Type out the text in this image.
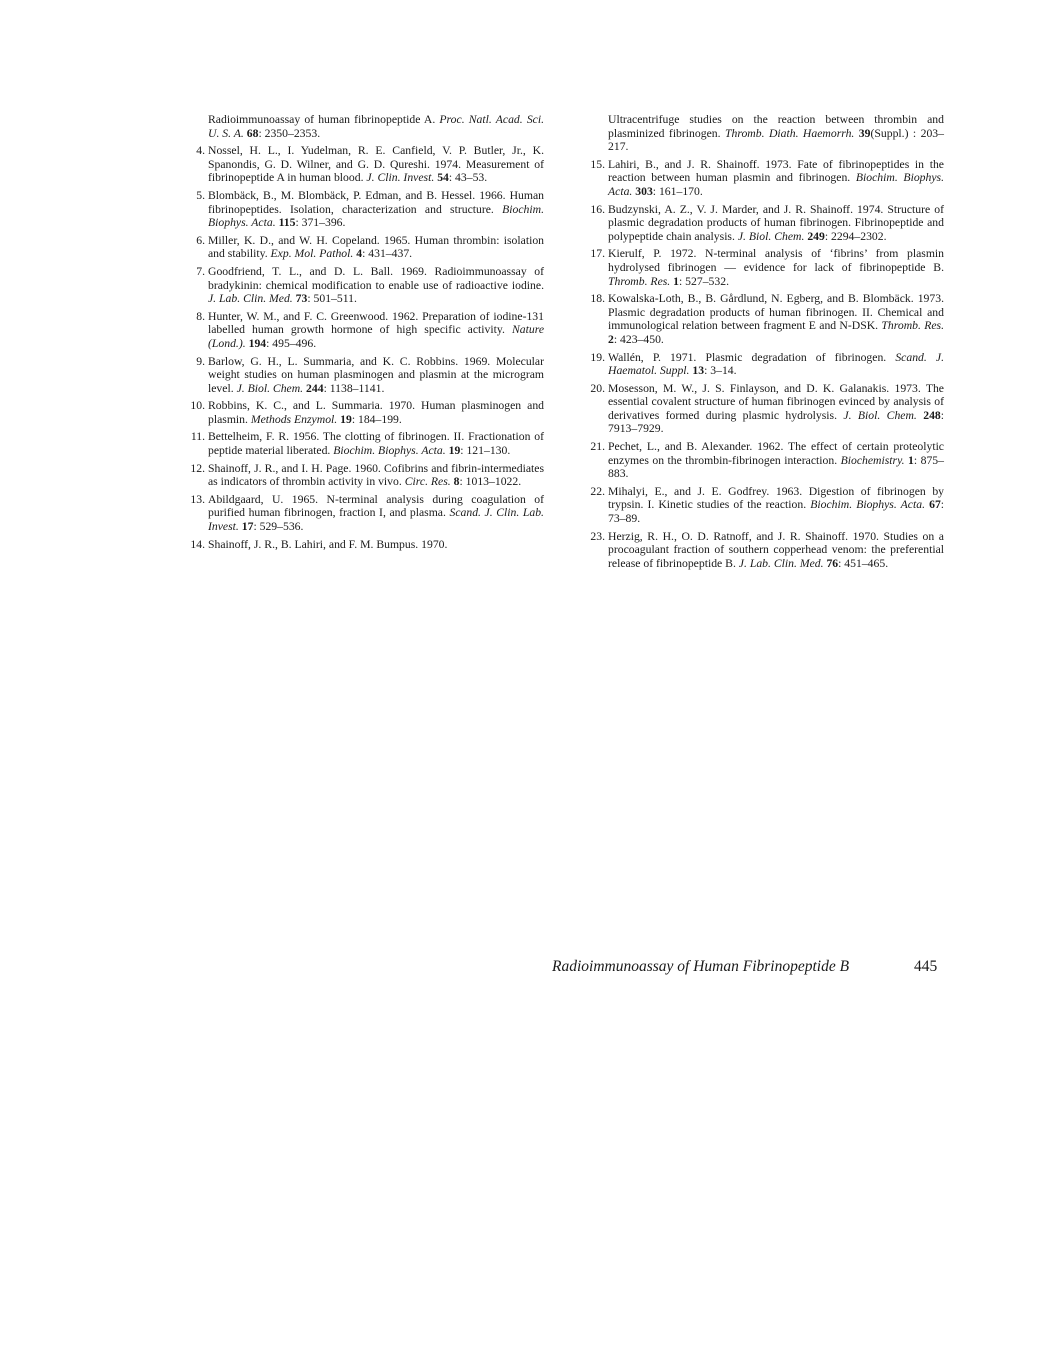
Radioimmunoassay of human fibrinopeptide A. Proc. Natl. Acad. Sci. U. S. A. 68: 2350–2353.
4. Nossel, H. L., I. Yudelman, R. E. Canfield, V. P. Butler, Jr., K. Spanondis, G. D. Wilner, and G. D. Qureshi. 1974. Measurement of fibrinopeptide A in human blood. J. Clin. Invest. 54: 43–53.
5. Blombäck, B., M. Blombäck, P. Edman, and B. Hessel. 1966. Human fibrinopeptides. Isolation, characterization and structure. Biochim. Biophys. Acta. 115: 371–396.
6. Miller, K. D., and W. H. Copeland. 1965. Human thrombin: isolation and stability. Exp. Mol. Pathol. 4: 431–437.
7. Goodfriend, T. L., and D. L. Ball. 1969. Radioimmunoassay of bradykinin: chemical modification to enable use of radioactive iodine. J. Lab. Clin. Med. 73: 501–511.
8. Hunter, W. M., and F. C. Greenwood. 1962. Preparation of iodine-131 labelled human growth hormone of high specific activity. Nature (Lond.). 194: 495–496.
9. Barlow, G. H., L. Summaria, and K. C. Robbins. 1969. Molecular weight studies on human plasminogen and plasmin at the microgram level. J. Biol. Chem. 244: 1138–1141.
10. Robbins, K. C., and L. Summaria. 1970. Human plasminogen and plasmin. Methods Enzymol. 19: 184–199.
11. Bettelheim, F. R. 1956. The clotting of fibrinogen. II. Fractionation of peptide material liberated. Biochim. Biophys. Acta. 19: 121–130.
12. Shainoff, J. R., and I. H. Page. 1960. Cofibrins and fibrin-intermediates as indicators of thrombin activity in vivo. Circ. Res. 8: 1013–1022.
13. Abildgaard, U. 1965. N-terminal analysis during coagulation of purified human fibrinogen, fraction I, and plasma. Scand. J. Clin. Lab. Invest. 17: 529–536.
14. Shainoff, J. R., B. Lahiri, and F. M. Bumpus. 1970.
Ultracentrifuge studies on the reaction between thrombin and plasminized fibrinogen. Thromb. Diath. Haemorrh. 39(Suppl.) : 203–217.
15. Lahiri, B., and J. R. Shainoff. 1973. Fate of fibrinopeptides in the reaction between human plasmin and fibrinogen. Biochim. Biophys. Acta. 303: 161–170.
16. Budzynski, A. Z., V. J. Marder, and J. R. Shainoff. 1974. Structure of plasmic degradation products of human fibrinogen. Fibrinopeptide and polypeptide chain analysis. J. Biol. Chem. 249: 2294–2302.
17. Kierulf, P. 1972. N-terminal analysis of ‘fibrins’ from plasmin hydrolysed fibrinogen — evidence for lack of fibrinopeptide B. Thromb. Res. 1: 527–532.
18. Kowalska-Loth, B., B. Gårdlund, N. Egberg, and B. Blombäck. 1973. Plasmic degradation products of human fibrinogen. II. Chemical and immunological relation between fragment E and N-DSK. Thromb. Res. 2: 423–450.
19. Wallén, P. 1971. Plasmic degradation of fibrinogen. Scand. J. Haematol. Suppl. 13: 3–14.
20. Mosesson, M. W., J. S. Finlayson, and D. K. Galanakis. 1973. The essential covalent structure of human fibrinogen evinced by analysis of derivatives formed during plasmic hydrolysis. J. Biol. Chem. 248: 7913–7929.
21. Pechet, L., and B. Alexander. 1962. The effect of certain proteolytic enzymes on the thrombin-fibrinogen interaction. Biochemistry. 1: 875–883.
22. Mihalyi, E., and J. E. Godfrey. 1963. Digestion of fibrinogen by trypsin. I. Kinetic studies of the reaction. Biochim. Biophys. Acta. 67: 73–89.
23. Herzig, R. H., O. D. Ratnoff, and J. R. Shainoff. 1970. Studies on a procoagulant fraction of southern copperhead venom: the preferential release of fibrinopeptide B. J. Lab. Clin. Med. 76: 451–465.
Radioimmunoassay of Human Fibrinopeptide B	445
